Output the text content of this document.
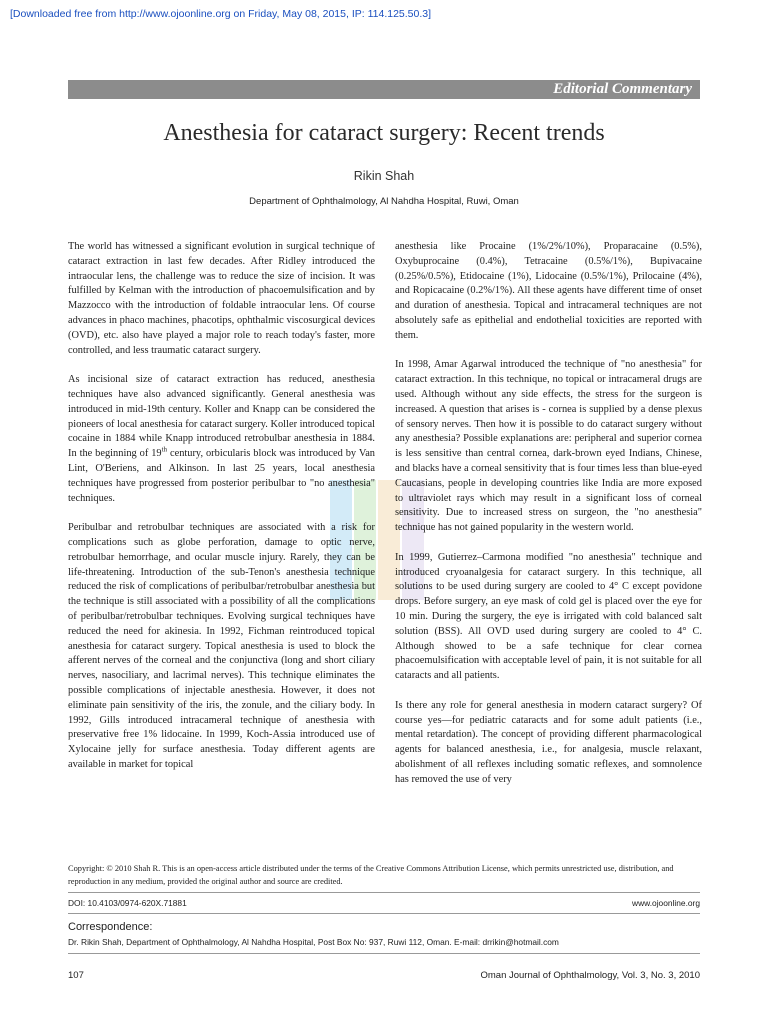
[Downloaded free from http://www.ojoonline.org on Friday, May 08, 2015, IP: 114.125.50.3]
Editorial Commentary
Anesthesia for cataract surgery: Recent trends
Rikin Shah
Department of Ophthalmology, Al Nahdha Hospital, Ruwi, Oman

The world has witnessed a significant evolution in surgical technique of cataract extraction in last few decades. After Ridley introduced the intraocular lens, the challenge was to reduce the size of incision. It was fulfilled by Kelman with the introduction of phacoemulsification and by Mazzocco with the introduction of foldable intraocular lens. Of course advances in phaco machines, phacotips, ophthalmic viscosurgical devices (OVD), etc. also have played a major role to reach today's faster, more controlled, and less traumatic cataract surgery.

As incisional size of cataract extraction has reduced, anesthesia techniques have also advanced significantly. General anesthesia was introduced in mid-19th century. Koller and Knapp can be considered the pioneers of local anesthesia for cataract surgery. Koller introduced topical cocaine in 1884 while Knapp introduced retrobulbar anesthesia in 1884. In the beginning of 19th century, orbicularis block was introduced by Van Lint, O'Beriens, and Alkinson. In last 25 years, local anesthesia techniques have progressed from posterior peribulbar to "no anesthesia" techniques.

Peribulbar and retrobulbar techniques are associated with a risk for complications such as globe perforation, damage to optic nerve, retrobulbar hemorrhage, and ocular muscle injury. Rarely, they can be life-threatening. Introduction of the sub-Tenon's anesthesia technique reduced the risk of complications of peribulbar/retrobulbar anesthesia but the technique is still associated with a possibility of all the complications of peribulbar/retrobulbar techniques. Evolving surgical techniques have reduced the need for akinesia. In 1992, Fichman reintroduced topical anesthesia for cataract surgery. Topical anesthesia is used to block the afferent nerves of the corneal and the conjunctiva (long and short ciliary nerves, nasociliary, and lacrimal nerves). This technique eliminates the possible complications of injectable anesthesia. However, it does not eliminate pain sensitivity of the iris, the zonule, and the ciliary body. In 1992, Gills introduced intracameral technique of anesthesia with preservative free 1% lidocaine. In 1999, Koch-Assia introduced use of Xylocaine jelly for surface anesthesia. Today different agents are available in market for topical

anesthesia like Procaine (1%/2%/10%), Proparacaine (0.5%), Oxybuprocaine (0.4%), Tetracaine (0.5%/1%), Bupivacaine (0.25%/0.5%), Etidocaine (1%), Lidocaine (0.5%/1%), Prilocaine (4%), and Ropicacaine (0.2%/1%). All these agents have different time of onset and duration of anesthesia. Topical and intracameral techniques are not absolutely safe as epithelial and endothelial toxicities are reported with them.

In 1998, Amar Agarwal introduced the technique of "no anesthesia" for cataract extraction. In this technique, no topical or intracameral drugs are used. Although without any side effects, the stress for the surgeon is increased. A question that arises is - cornea is supplied by a dense plexus of sensory nerves. Then how it is possible to do cataract surgery without any anesthesia? Possible explanations are: peripheral and superior cornea is less sensitive than central cornea, dark-brown eyed Indians, Chinese, and blacks have a corneal sensitivity that is four times less than blue-eyed Caucasians, people in developing countries like India are more exposed to ultraviolet rays which may result in a significant loss of corneal sensitivity. Due to increased stress on surgeon, the "no anesthesia" technique has not gained popularity in the western world.

In 1999, Gutierrez–Carmona modified "no anesthesia" technique and introduced cryoanalgesia for cataract surgery. In this technique, all solutions to be used during surgery are cooled to 4° C except povidone drops. Before surgery, an eye mask of cold gel is placed over the eye for 10 min. During the surgery, the eye is irrigated with cold balanced salt solution (BSS). All OVD used during surgery are cooled to 4° C. Although showed to be a safe technique for clear cornea phacoemulsification with acceptable level of pain, it is not suitable for all cataracts and all patients.

Is there any role for general anesthesia in modern cataract surgery? Of course yes—for pediatric cataracts and for some adult patients (i.e., mental retardation). The concept of providing different pharmacological agents for balanced anesthesia, i.e., for analgesia, muscle relaxant, abolishment of all reflexes including somatic reflexes, and somnolence has removed the use of very

Copyright: © 2010 Shah R. This is an open-access article distributed under the terms of the Creative Commons Attribution License, which permits unrestricted use, distribution, and reproduction in any medium, provided the original author and source are credited.
DOI: 10.4103/0974-620X.71881	www.ojoonline.org
Correspondence:
Dr. Rikin Shah, Department of Ophthalmology, Al Nahdha Hospital, Post Box No: 937, Ruwi 112, Oman. E-mail: drrikin@hotmail.com
107	Oman Journal of Ophthalmology, Vol. 3, No. 3, 2010
